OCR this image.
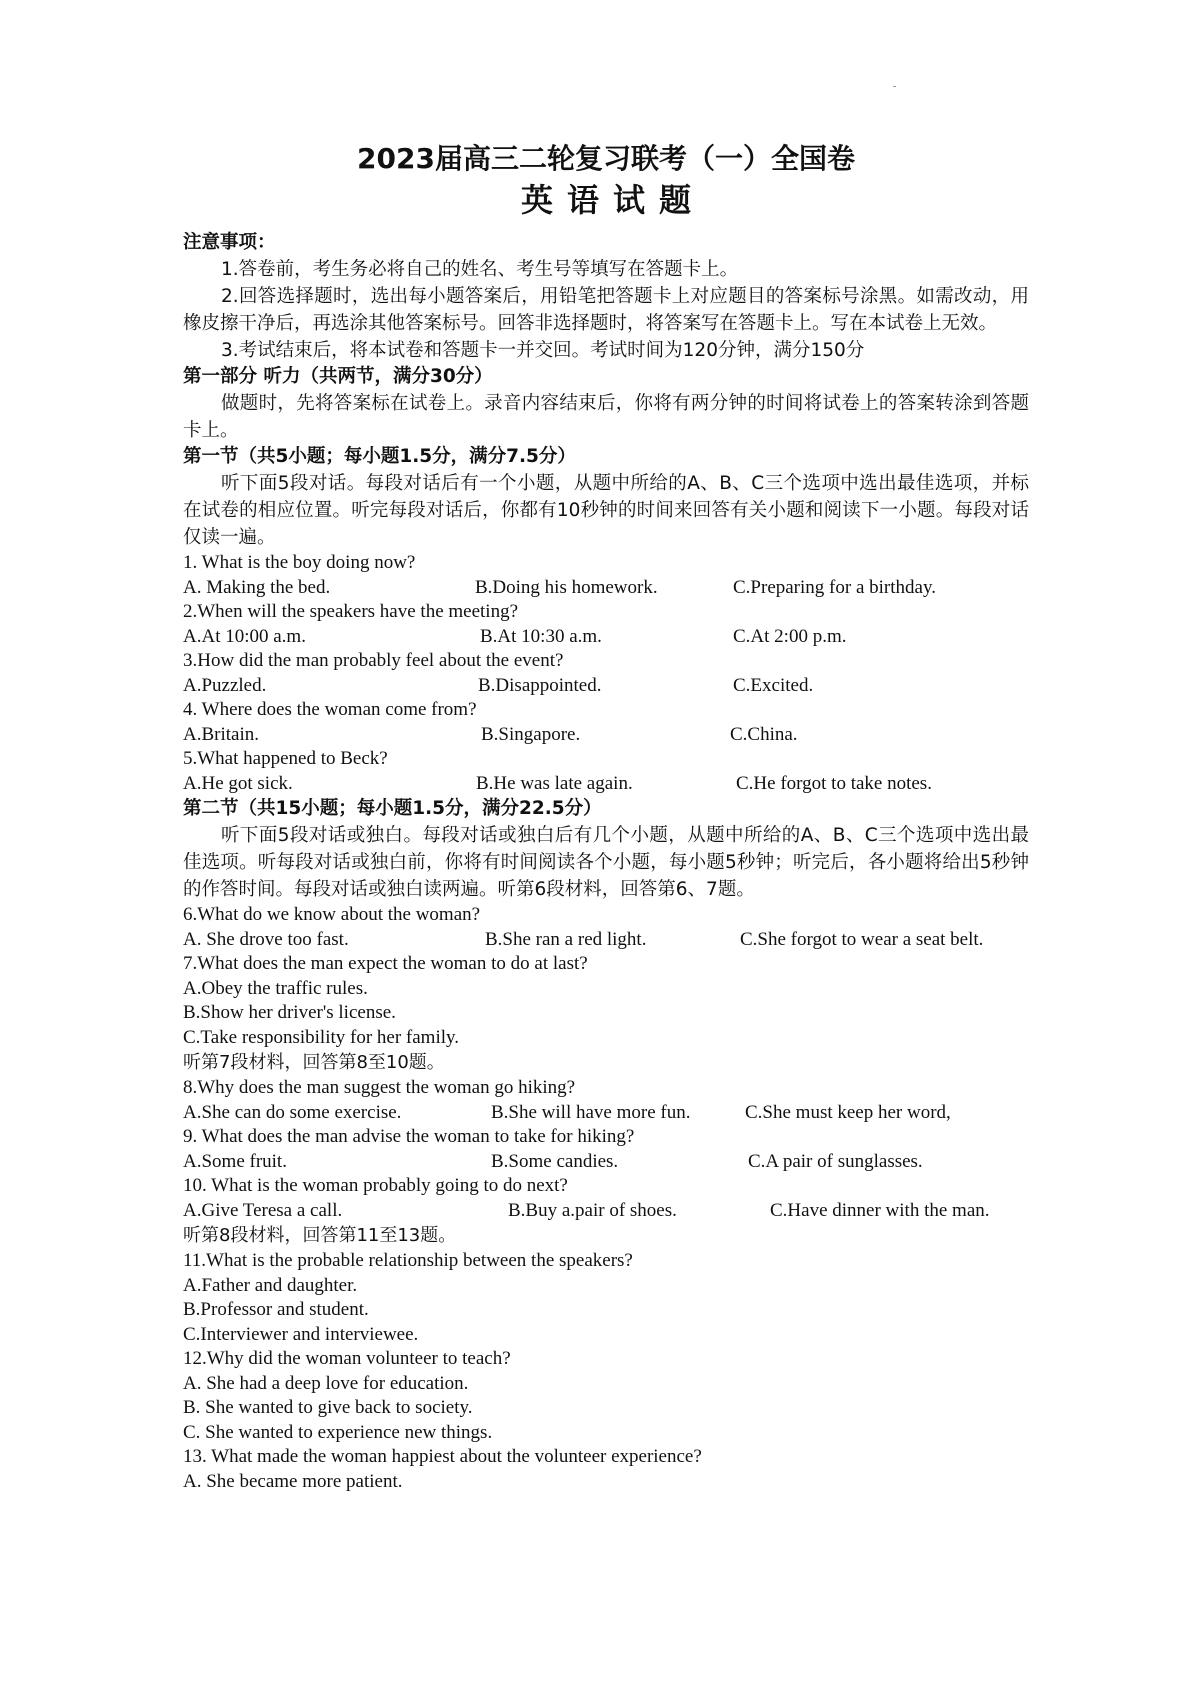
2023届高三二轮复习联考（一）全国卷

英语试题

注意事项：

1.答卷前，考生务必将自己的姓名、考生号等填写在答题卡上。

2.回答选择题时，选出每小题答案后，用铅笔把答题卡上对应题目的答案标号涂黑。如需改动，用橡皮擦干净后，再选涂其他答案标号。回答非选择题时，将答案写在答题卡上。写在本试卷上无效。

3.考试结束后，将本试卷和答题卡一并交回。考试时间为120分钟，满分150分

第一部分 听力（共两节，满分30分）

做题时，先将答案标在试卷上。录音内容结束后，你将有两分钟的时间将试卷上的答案转涂到答题卡上。

第一节（共5小题；每小题1.5分，满分7.5分）

听下面5段对话。每段对话后有一个小题，从题中所给的A、B、C三个选项中选出最佳选项，并标在试卷的相应位置。听完每段对话后，你都有10秒钟的时间来回答有关小题和阅读下一小题。每段对话仅读一遍。

1. What is the boy doing now?

A. Making the bed.	B.Doing his homework.	C.Preparing for a birthday.

2.When will the speakers have the meeting?

A.At 10:00 a.m.	B.At 10:30 a.m.	C.At 2:00 p.m.

3.How did the man probably feel about the event?

A.Puzzled.	B.Disappointed.	C.Excited.

4. Where does the woman come from?

A.Britain.	B.Singapore.	C.China.

5.What happened to Beck?

A.He got sick.	B.He was late again.	C.He forgot to take notes.

第二节（共15小题；每小题1.5分，满分22.5分）

听下面5段对话或独白。每段对话或独白后有几个小题，从题中所给的A、B、C三个选项中选出最佳选项。听每段对话或独白前，你将有时间阅读各个小题，每小题5秒钟；听完后，各小题将给出5秒钟的作答时间。每段对话或独白读两遍。听第6段材料，回答第6、7题。

6.What do we know about the woman?

A. She drove too fast.	B.She ran a red light.	C.She forgot to wear a seat belt.

7.What does the man expect the woman to do at last?

A.Obey the traffic rules.

B.Show her driver's license.

C.Take responsibility for her family.

听第7段材料，回答第8至10题。

8.Why does the man suggest the woman go hiking?

A.She can do some exercise.	B.She will have more fun.	C.She must keep her word,

9. What does the man advise the woman to take for hiking?

A.Some fruit.	B.Some candies.	C.A pair of sunglasses.

10. What is the woman probably going to do next?

A.Give Teresa a call.	B.Buy a.pair of shoes.	C.Have dinner with the man.

听第8段材料，回答第11至13题。

11.What is the probable relationship between the speakers?

A.Father and daughter.

B.Professor and student.

C.Interviewer and interviewee.

12.Why did the woman volunteer to teach?

A. She had a deep love for education.

B. She wanted to give back to society.

C. She wanted to experience new things.

13. What made the woman happiest about the volunteer experience?

A. She became more patient.
